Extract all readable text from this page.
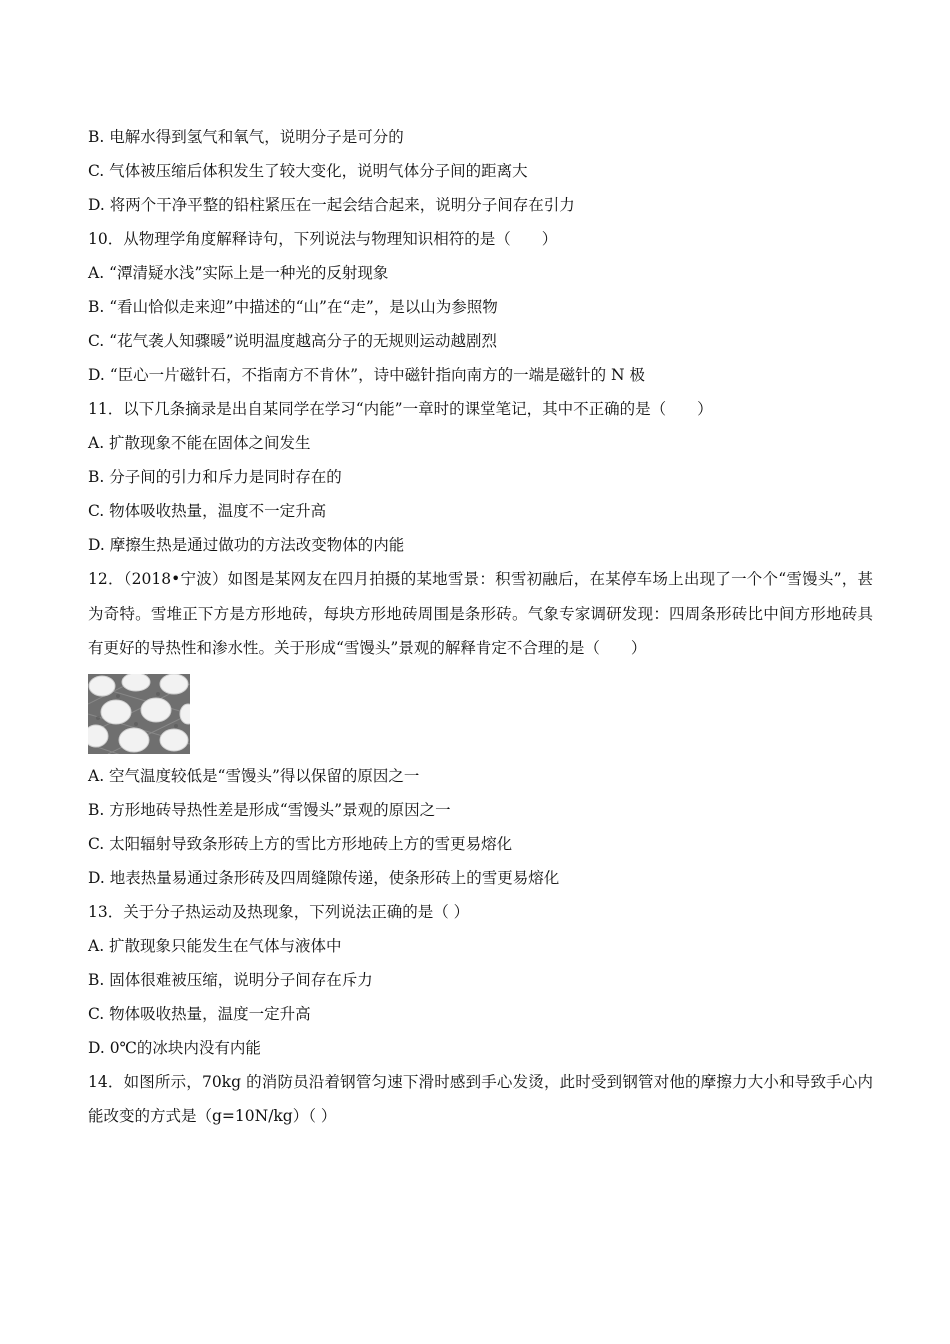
B. 电解水得到氢气和氧气，说明分子是可分的
C. 气体被压缩后体积发生了较大变化，说明气体分子间的距离大
D. 将两个干净平整的铅柱紧压在一起会结合起来，说明分子间存在引力
10．从物理学角度解释诗句，下列说法与物理知识相符的是（　　）
A. “潭清疑水浅”实际上是一种光的反射现象
B. “看山恰似走来迎”中描述的“山”在“走”，是以山为参照物
C. “花气袭人知骤暖”说明温度越高分子的无规则运动越剧烈
D. “臣心一片磁针石，不指南方不肯休”，诗中磁针指向南方的一端是磁针的 N 极
11．以下几条摘录是出自某同学在学习“内能”一章时的课堂笔记，其中不正确的是（　　）
A. 扩散现象不能在固体之间发生
B. 分子间的引力和斥力是同时存在的
C. 物体吸收热量，温度不一定升高
D. 摩擦生热是通过做功的方法改变物体的内能
12．（2018•宁波）如图是某网友在四月拍摄的某地雪景：积雪初融后，在某停车场上出现了一个个“雪馒头”，甚为奇特。雪堆正下方是方形地砖，每块方形地砖周围是条形砖。气象专家调研发现：四周条形砖比中间方形地砖具有更好的导热性和渗水性。关于形成“雪馒头”景观的解释肯定不合理的是（　　）
A. 空气温度较低是“雪馒头”得以保留的原因之一
B. 方形地砖导热性差是形成“雪馒头”景观的原因之一
C. 太阳辐射导致条形砖上方的雪比方形地砖上方的雪更易熔化
D. 地表热量易通过条形砖及四周缝隙传递，使条形砖上的雪更易熔化
13．关于分子热运动及热现象，下列说法正确的是（ ）
A. 扩散现象只能发生在气体与液体中
B. 固体很难被压缩，说明分子间存在斥力
C. 物体吸收热量，温度一定升高
D. 0℃的冰块内没有内能
14．如图所示，70kg 的消防员沿着钢管匀速下滑时感到手心发烫，此时受到钢管对他的摩擦力大小和导致手心内能改变的方式是（g=10N/kg）（ ）
